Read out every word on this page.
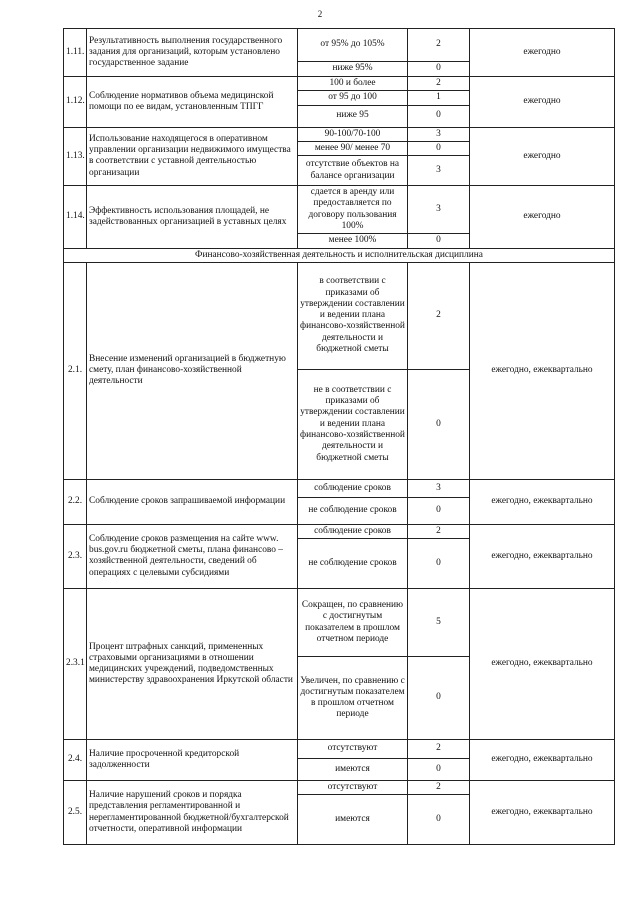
2
1.11.	Результативность выполнения государственного задания для организаций, которым установлено государственное задание	от 95% до 105%	2	ежегодно
		ниже 95%	0	
1.12.	Соблюдение нормативов объема медицинской помощи по ее видам, установленным ТПГГ	100 и более	2	ежегодно
		от 95 до 100	1	
		ниже 95	0	
1.13.	Использование находящегося в оперативном управлении организации недвижимого имущества в соответствии с уставной деятельностью организации	90-100/70-100	3	ежегодно
		менее 90/ менее 70	0	
		отсутствие объектов на балансе организации	3	
1.14.	Эффективность использования площадей, не задействованных организацией в уставных целях	сдается в аренду или предоставляется по договору пользования 100%	3	ежегодно
		менее 100%	0	
Финансово-хозяйственная деятельность и исполнительская дисциплина				
2.1.	Внесение изменений организацией в бюджетную смету, план финансово-хозяйственной деятельности	в соответствии с приказами об утверждении составлении и ведении плана финансово-хозяйственной деятельности и бюджетной сметы	2	ежегодно, ежеквартально
		не в соответствии с приказами об утверждении составлении и ведении плана финансово-хозяйственной деятельности и бюджетной сметы	0	
2.2.	Соблюдение сроков запрашиваемой информации	соблюдение сроков	3	ежегодно, ежеквартально
		не соблюдение сроков	0	
2.3.	Соблюдение сроков размещения на сайте www. bus.gov.ru бюджетной сметы, плана финансово – хозяйственной деятельности, сведений об операциях с целевыми субсидиями	соблюдение сроков	2	ежегодно, ежеквартально
		не соблюдение сроков	0	
2.3.1	Процент штрафных санкций, примененных страховыми организациями в отношении медицинских учреждений, подведомственных министерству здравоохранения Иркутской области	Сокращен, по сравнению с достигнутым показателем в прошлом отчетном периоде	5	ежегодно, ежеквартально
		Увеличен, по сравнению с достигнутым показателем в прошлом отчетном периоде	0	
2.4.	Наличие просроченной кредиторской задолженности	отсутствуют	2	ежегодно, ежеквартально
		имеются	0	
2.5.	Наличие нарушений сроков и порядка представления регламентированной и нерегламентированной бюджетной/бухгалтерской отчетности, оперативной информации	отсутствуют	2	ежегодно, ежеквартально
		имеются	0	
